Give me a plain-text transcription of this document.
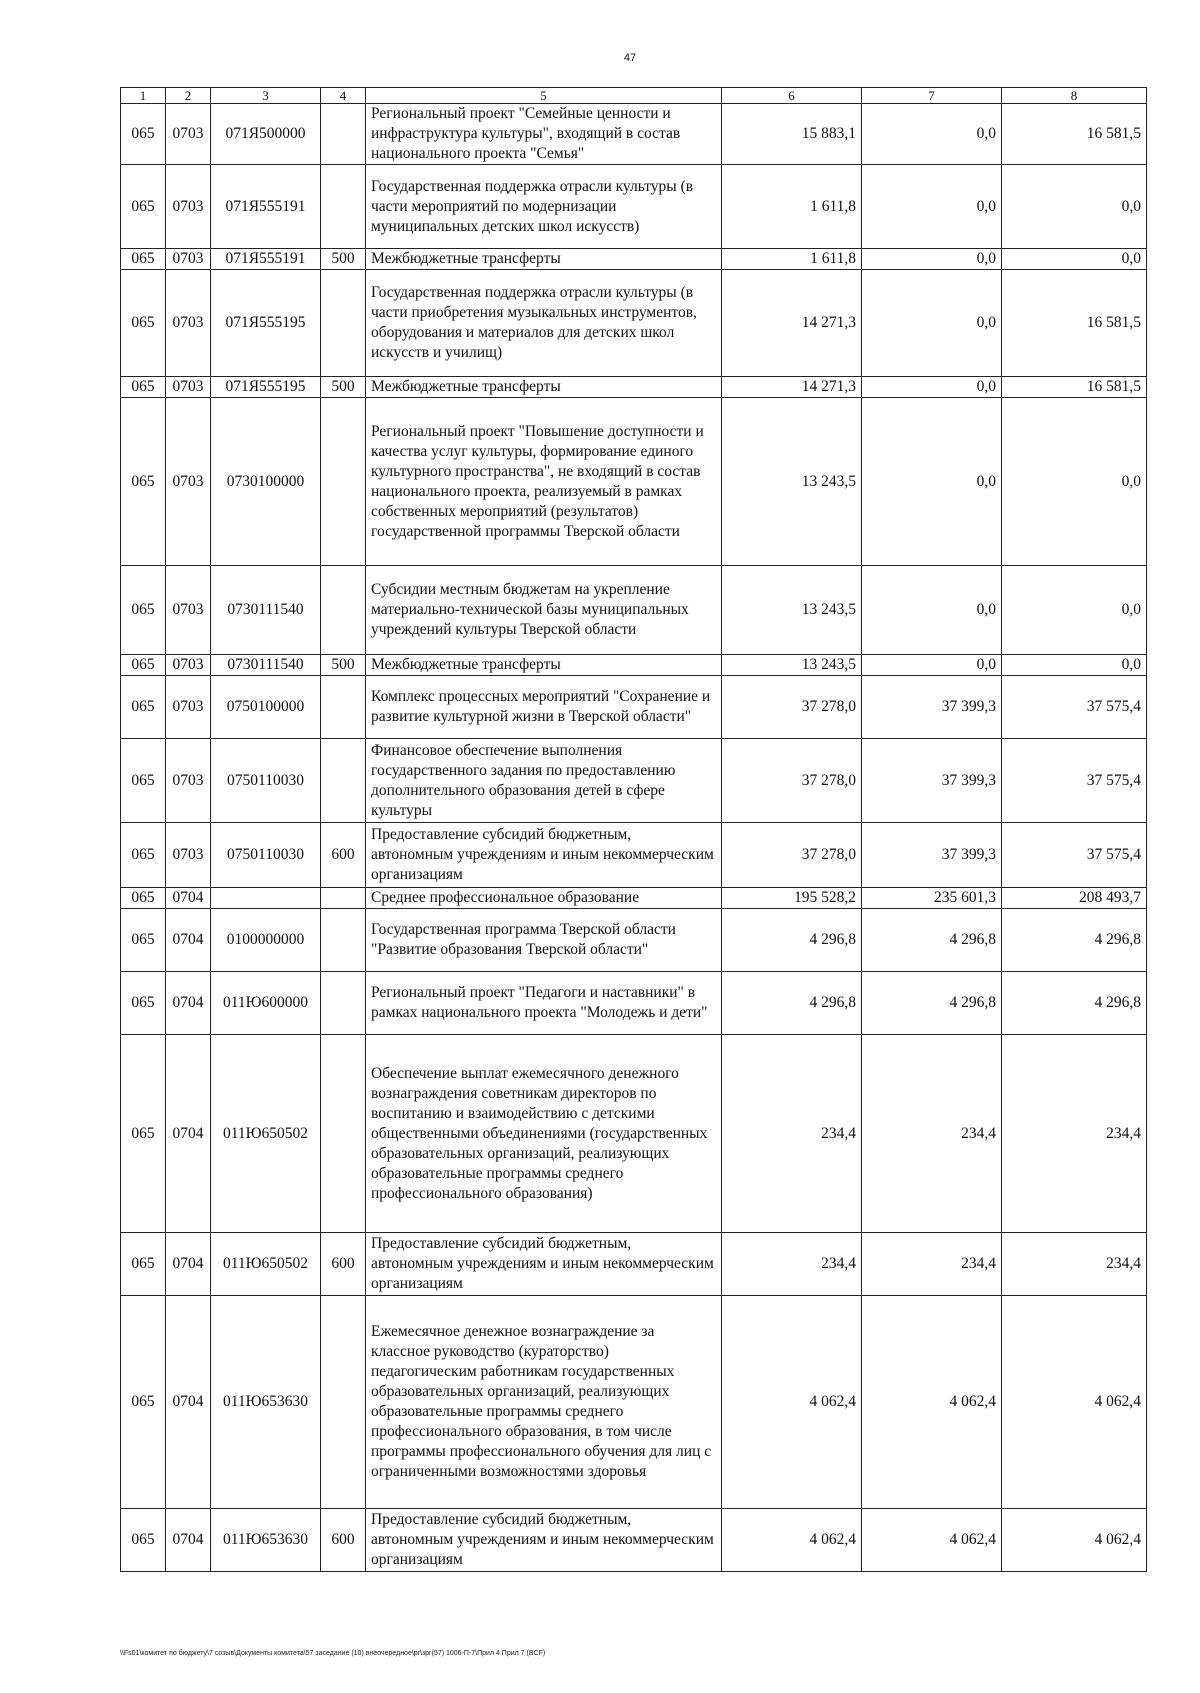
47
1	2	3	4	5	6	7	8
065	0703	071Я500000		Региональный проект "Семейные ценности и инфраструктура культуры", входящий в состав национального проекта "Семья"	15 883,1	0,0	16 581,5
065	0703	071Я555191		Государственная поддержка отрасли культуры (в части мероприятий по модернизации муниципальных детских школ искусств)	1 611,8	0,0	0,0
065	0703	071Я555191	500	Межбюджетные трансферты	1 611,8	0,0	0,0
065	0703	071Я555195		Государственная поддержка отрасли культуры (в части приобретения музыкальных инструментов, оборудования и материалов для детских школ искусств и училищ)	14 271,3	0,0	16 581,5
065	0703	071Я555195	500	Межбюджетные трансферты	14 271,3	0,0	16 581,5
065	0703	0730100000		Региональный проект "Повышение доступности и качества услуг культуры, формирование единого культурного пространства", не входящий в состав национального проекта, реализуемый в рамках собственных мероприятий (результатов) государственной программы Тверской области	13 243,5	0,0	0,0
065	0703	0730111540		Субсидии местным бюджетам на укрепление материально-технической базы муниципальных учреждений культуры Тверской области	13 243,5	0,0	0,0
065	0703	0730111540	500	Межбюджетные трансферты	13 243,5	0,0	0,0
065	0703	0750100000		Комплекс процессных мероприятий "Сохранение и развитие культурной жизни в Тверской области"	37 278,0	37 399,3	37 575,4
065	0703	0750110030		Финансовое обеспечение выполнения государственного задания по предоставлению дополнительного образования детей в сфере культуры	37 278,0	37 399,3	37 575,4
065	0703	0750110030	600	Предоставление субсидий бюджетным, автономным учреждениям и иным некоммерческим организациям	37 278,0	37 399,3	37 575,4
065	0704			Среднее профессиональное образование	195 528,2	235 601,3	208 493,7
065	0704	0100000000		Государственная программа Тверской области "Развитие образования Тверской области"	4 296,8	4 296,8	4 296,8
065	0704	011Ю600000		Региональный проект "Педагоги и наставники" в рамках национального проекта "Молодежь и дети"	4 296,8	4 296,8	4 296,8
065	0704	011Ю650502		Обеспечение выплат ежемесячного денежного вознаграждения советникам директоров по воспитанию и взаимодействию с детскими общественными объединениями (государственных образовательных организаций, реализующих образовательные программы среднего профессионального образования)	234,4	234,4	234,4
065	0704	011Ю650502	600	Предоставление субсидий бюджетным, автономным учреждениям и иным некоммерческим организациям	234,4	234,4	234,4
065	0704	011Ю653630		Ежемесячное денежное вознаграждение за классное руководство (кураторство) педагогическим работникам государственных образовательных организаций, реализующих образовательные программы среднего профессионального образования, в том числе программы профессионального обучения для лиц с ограниченными возможностями здоровья	4 062,4	4 062,4	4 062,4
065	0704	011Ю653630	600	Предоставление субсидий бюджетным, автономным учреждениям и иным некоммерческим организациям	4 062,4	4 062,4	4 062,4
\\Fs01\комитет по бюджету\7 созыв\Документы комитета\57 заседание (10) внеочередное\pr\зрг(57) 1006-П-7\Прил 4 Прил 7 (BCF)
